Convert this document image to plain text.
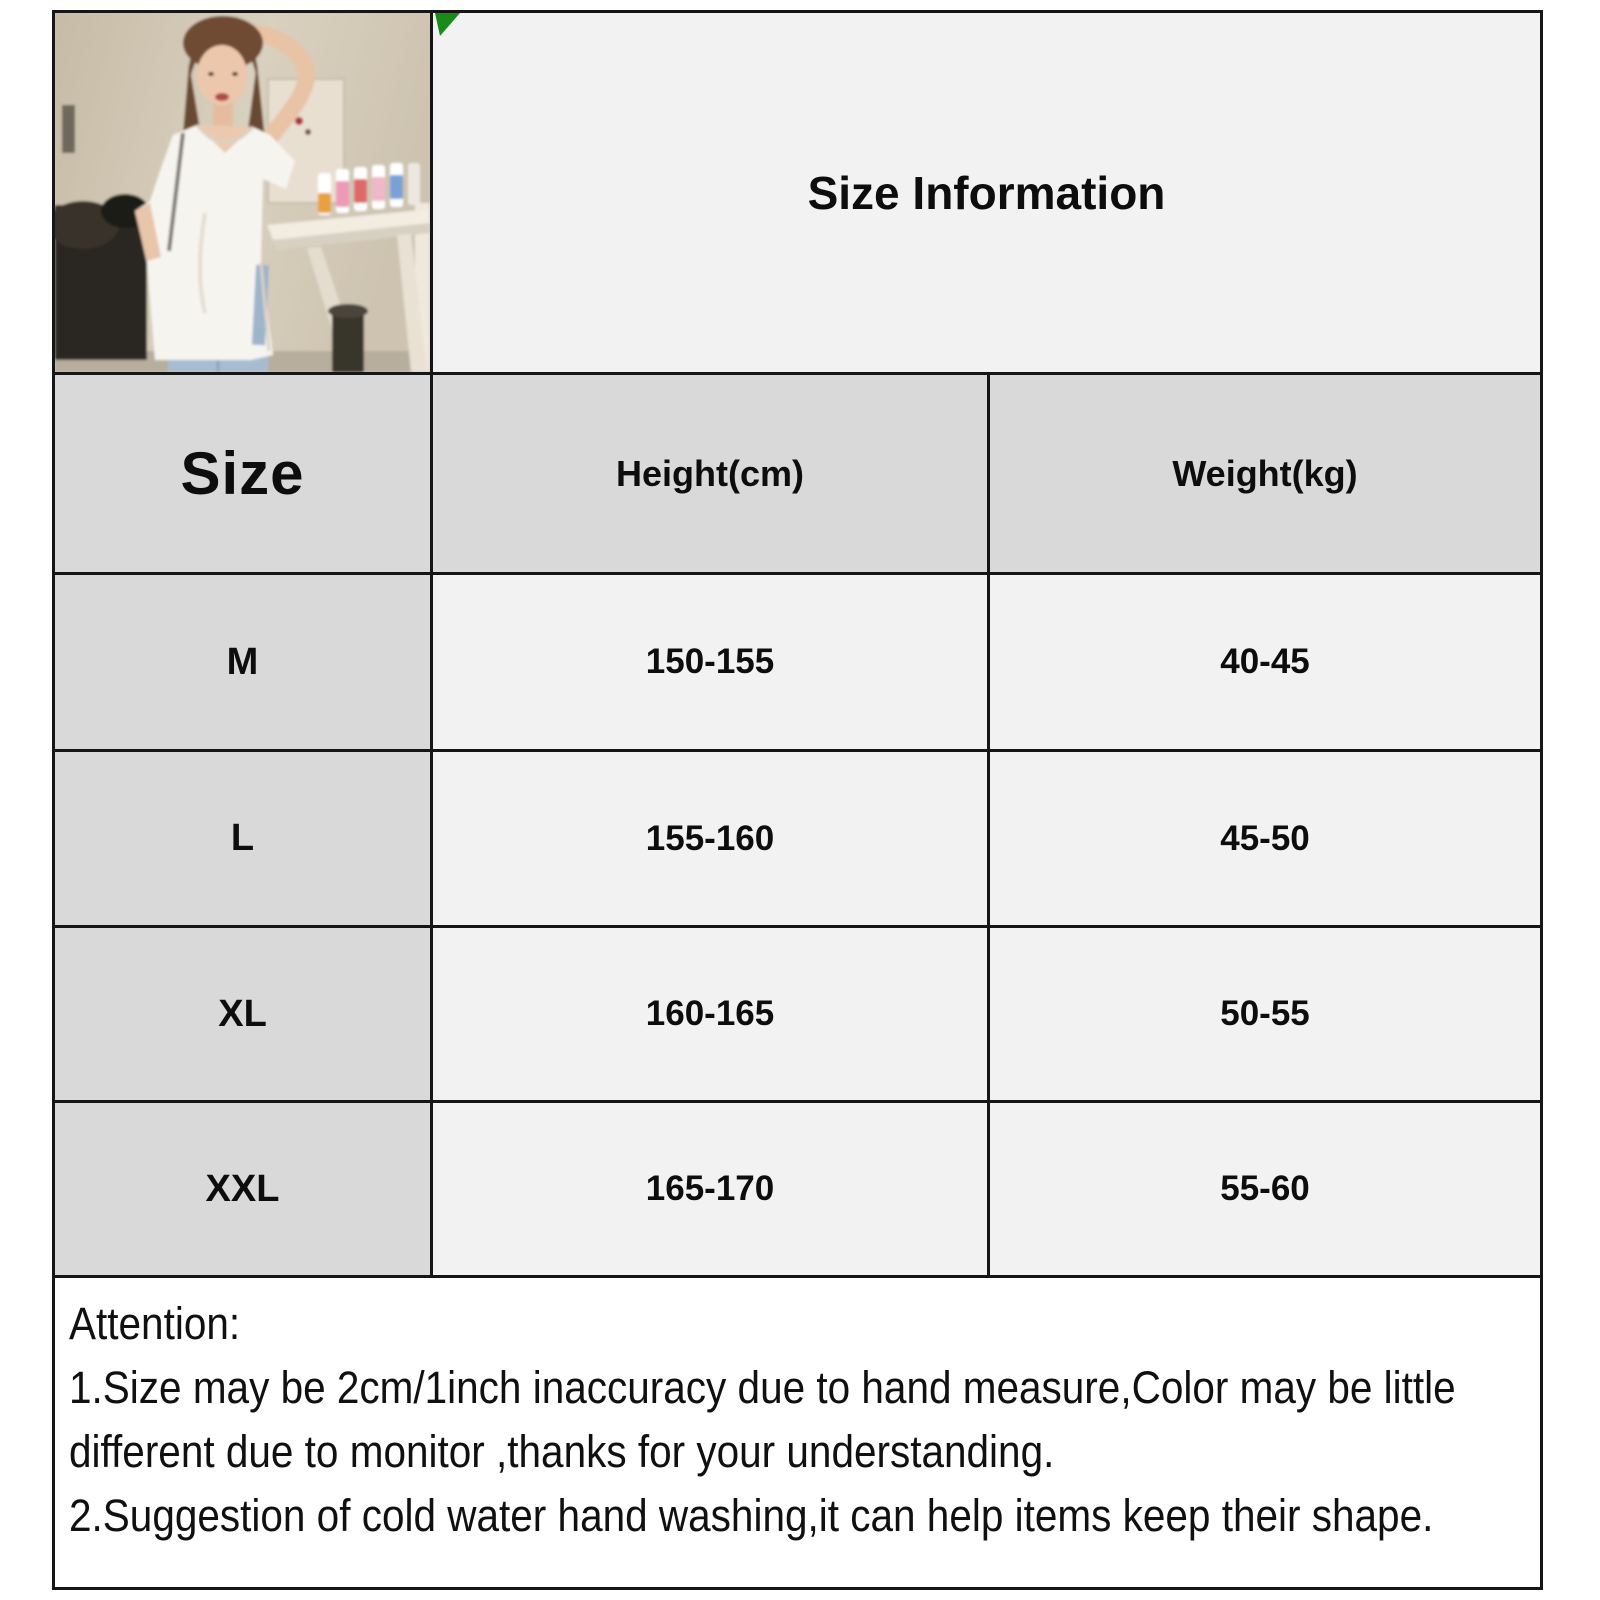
Size Information
Size	Height(cm)	Weight(kg)
M	150-155	40-45
L	155-160	45-50
XL	160-165	50-55
XXL	165-170	55-60
Attention:
1.Size may be 2cm/1inch inaccuracy due to hand measure,Color may be little
different due to monitor ,thanks for your understanding.
2.Suggestion of cold water hand washing,it can help items keep their shape.
